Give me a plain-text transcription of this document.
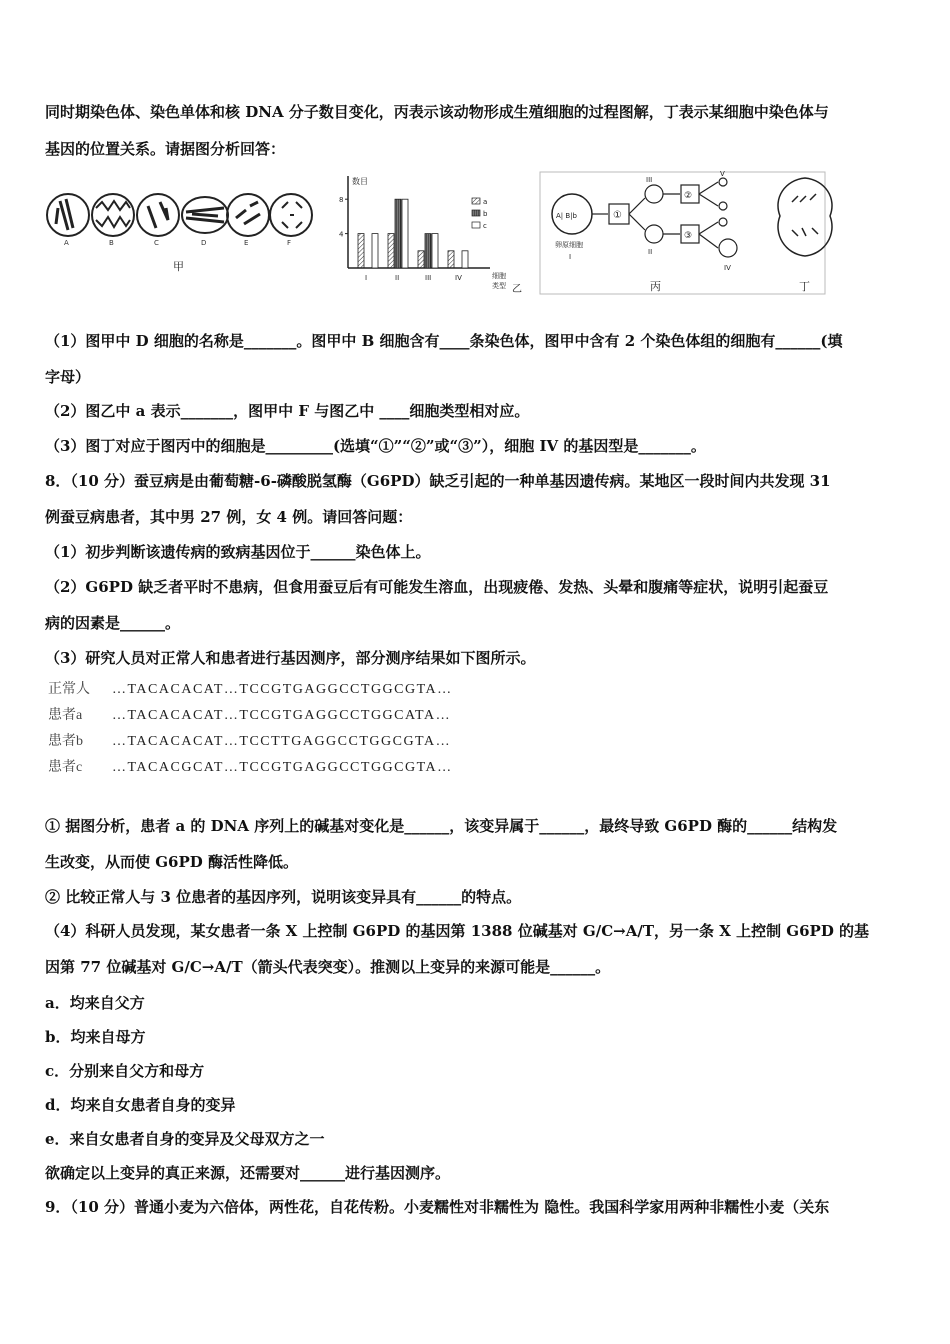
同时期染色体、染色单体和核 DNA 分子数目变化，丙表示该动物形成生殖细胞的过程图解，丁表示某细胞中染色体与
基因的位置关系。请据图分析回答：
A	B	C	D	E	F
甲
数目
4
8
I	II	III	IV
a
b
c
细胞
类型 乙
A| B|b
卵原细胞
I
①
III
II
②
③
V
IV
丙	丁
（1）图甲中 D 细胞的名称是_______。图甲中 B 细胞含有____条染色体，图甲中含有 2 个染色体组的细胞有______(填
字母）
（2）图乙中 a 表示_______，图甲中 F 与图乙中 ____细胞类型相对应。
（3）图丁对应于图丙中的细胞是_________(选填“①”“②”或“③”），细胞 IV 的基因型是_______。
8．（10 分）蚕豆病是由葡萄糖-6-磷酸脱氢酶（G6PD）缺乏引起的一种单基因遗传病。某地区一段时间内共发现 31
例蚕豆病患者，其中男 27 例，女 4 例。请回答问题：
（1）初步判断该遗传病的致病基因位于______染色体上。
（2）G6PD 缺乏者平时不患病，但食用蚕豆后有可能发生溶血，出现疲倦、发热、头晕和腹痛等症状，说明引起蚕豆
病的因素是______。
（3）研究人员对正常人和患者进行基因测序，部分测序结果如下图所示。
正常人 …TACACACAT…TCCGTGAGGCCTGGCGTA…
患者a …TACACACAT…TCCGTGAGGCCTGGCATA…
患者b …TACACACAT…TCCTTGAGGCCTGGCGTA…
患者c …TACACGCAT…TCCGTGAGGCCTGGCGTA…
① 据图分析，患者 a 的 DNA 序列上的碱基对变化是______，该变异属于______，最终导致 G6PD 酶的______结构发
生改变，从而使 G6PD 酶活性降低。
② 比较正常人与 3 位患者的基因序列，说明该变异具有______的特点。
（4）科研人员发现，某女患者一条 X 上控制 G6PD 的基因第 1388 位碱基对 G/C→A/T，另一条 X 上控制 G6PD 的基
因第 77 位碱基对 G/C→A/T（箭头代表突变）。推测以上变异的来源可能是______。
a．均来自父方
b．均来自母方
c．分别来自父方和母方
d．均来自女患者自身的变异
e．来自女患者自身的变异及父母双方之一
欲确定以上变异的真正来源，还需要对______进行基因测序。
9．（10 分）普通小麦为六倍体，两性花，自花传粉。小麦糯性对非糯性为 隐性。我国科学家用两种非糯性小麦（关东
